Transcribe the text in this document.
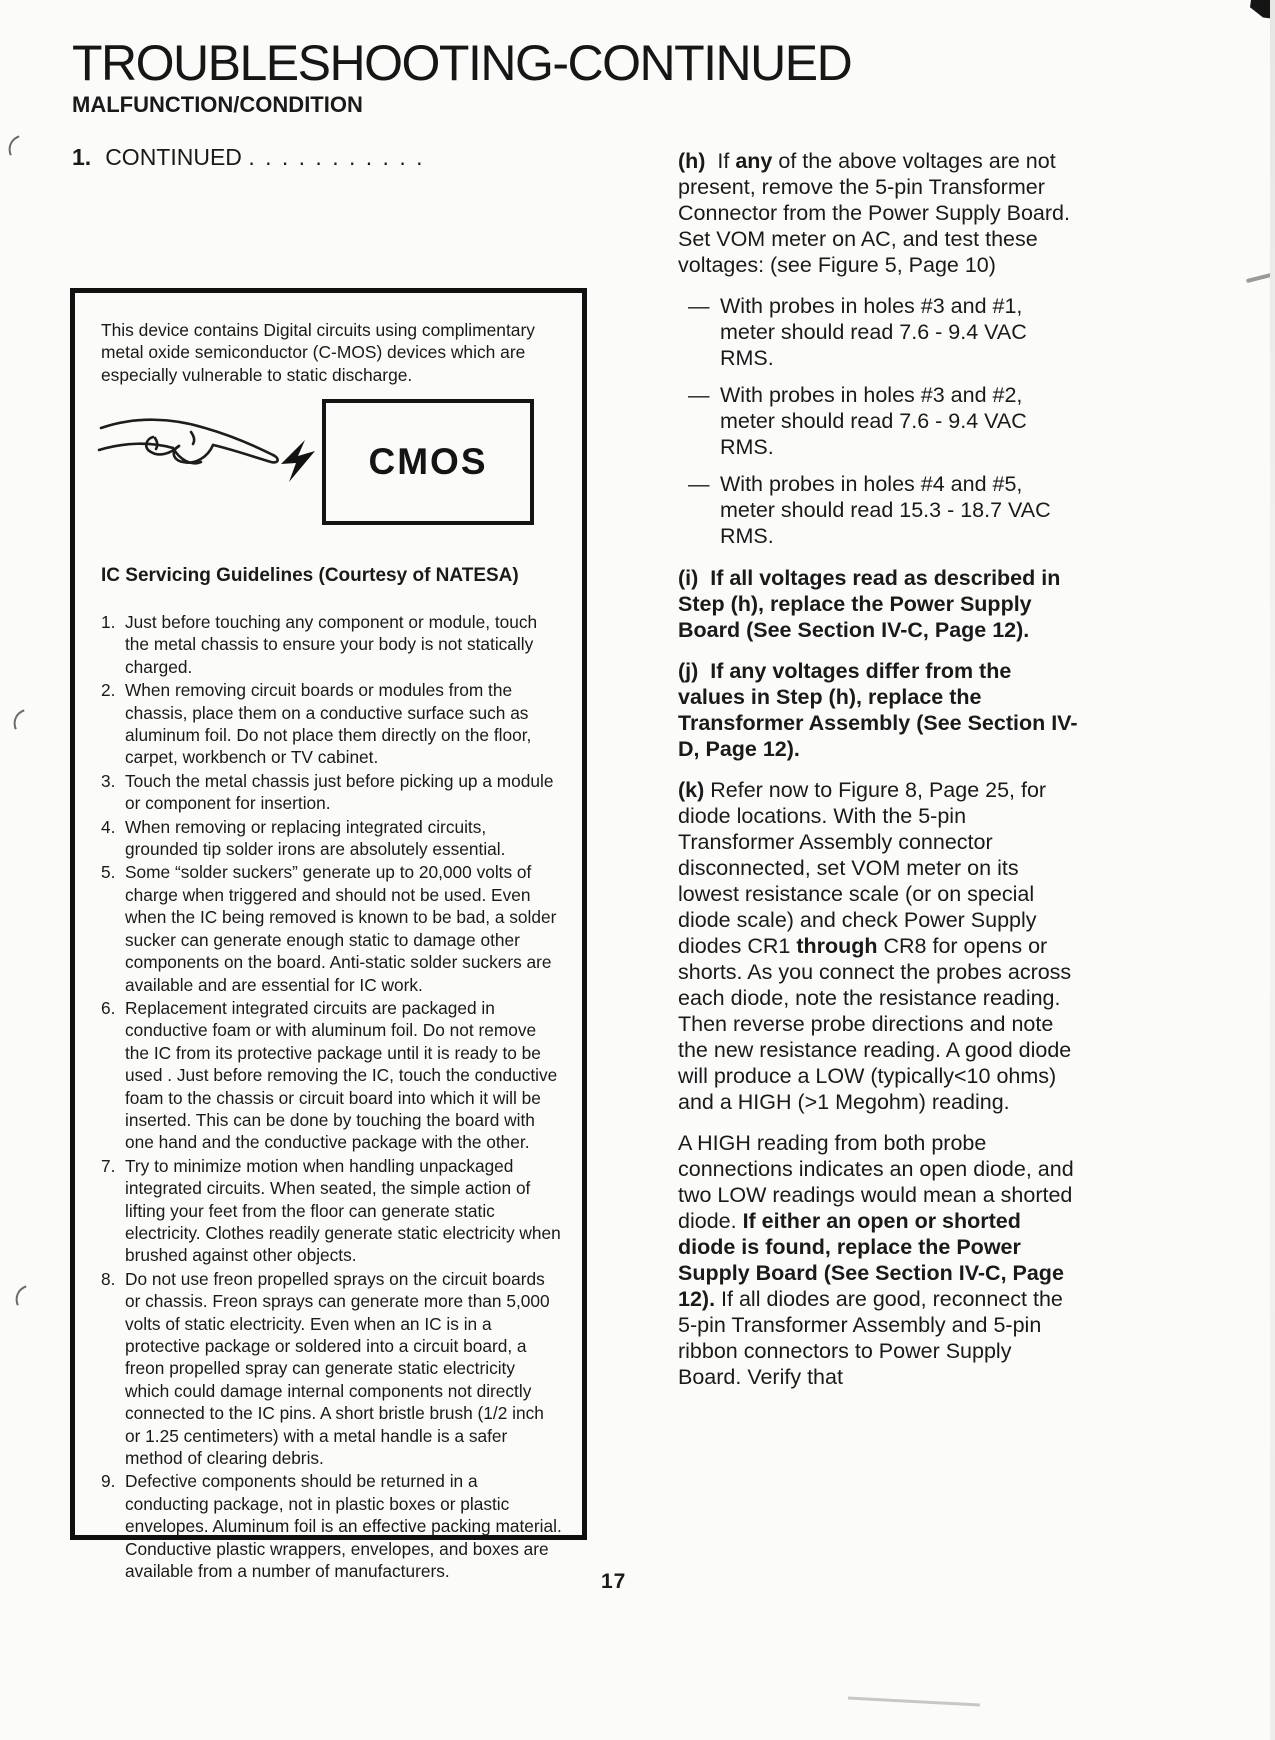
TROUBLESHOOTING-CONTINUED
MALFUNCTION/CONDITION
1. CONTINUED . . . . . . . . . . .
This device contains Digital circuits using complimentary metal oxide semiconductor (C-MOS) devices which are especially vulnerable to static discharge.
CMOS
IC Servicing Guidelines (Courtesy of NATESA)
1. Just before touching any component or module, touch the metal chassis to ensure your body is not statically charged.
2. When removing circuit boards or modules from the chassis, place them on a conductive surface such as aluminum foil. Do not place them directly on the floor, carpet, workbench or TV cabinet.
3. Touch the metal chassis just before picking up a module or component for insertion.
4. When removing or replacing integrated circuits, grounded tip solder irons are absolutely essential.
5. Some “solder suckers” generate up to 20,000 volts of charge when triggered and should not be used. Even when the IC being removed is known to be bad, a solder sucker can generate enough static to damage other components on the board. Anti-static solder suckers are available and are essential for IC work.
6. Replacement integrated circuits are packaged in conductive foam or with aluminum foil. Do not remove the IC from its protective package until it is ready to be used . Just before removing the IC, touch the conductive foam to the chassis or circuit board into which it will be inserted. This can be done by touching the board with one hand and the conductive package with the other.
7. Try to minimize motion when handling unpackaged integrated circuits. When seated, the simple action of lifting your feet from the floor can generate static electricity. Clothes readily generate static electricity when brushed against other objects.
8. Do not use freon propelled sprays on the circuit boards or chassis. Freon sprays can generate more than 5,000 volts of static electricity. Even when an IC is in a protective package or soldered into a circuit board, a freon propelled spray can generate static electricity which could damage internal components not directly connected to the IC pins. A short bristle brush (1/2 inch or 1.25 centimeters) with a metal handle is a safer method of clearing debris.
9. Defective components should be returned in a conducting package, not in plastic boxes or plastic envelopes. Aluminum foil is an effective packing material. Conductive plastic wrappers, envelopes, and boxes are available from a number of manufacturers.

(h)  If any of the above voltages are not present, remove the 5-pin Transformer Connector from the Power Supply Board. Set VOM meter on AC, and test these voltages: (see Figure 5, Page 10)

— With probes in holes #3 and #1, meter should read 7.6 - 9.4 VAC RMS.
— With probes in holes #3 and #2, meter should read 7.6 - 9.4 VAC RMS.
— With probes in holes #4 and #5, meter should read 15.3 - 18.7 VAC RMS.

(i)  If all voltages read as described in Step (h), replace the Power Supply Board (See Section IV-C, Page 12).

(j)  If any voltages differ from the values in Step (h), replace the Transformer Assembly (See Section IV-D, Page 12).

(k) Refer now to Figure 8, Page 25, for diode locations. With the 5-pin Transformer Assembly connector disconnected, set VOM meter on its lowest resistance scale (or on special diode scale) and check Power Supply diodes CR1 through CR8 for opens or shorts. As you connect the probes across each diode, note the resistance reading. Then reverse probe directions and note the new resistance reading. A good diode will produce a LOW (typically<10 ohms) and a HIGH (>1 Megohm) reading.

A HIGH reading from both probe connections indicates an open diode, and two LOW readings would mean a shorted diode. If either an open or shorted diode is found, replace the Power Supply Board (See Section IV-C, Page 12). If all diodes are good, reconnect the 5-pin Transformer Assembly and 5-pin ribbon connectors to Power Supply Board. Verify that

17
